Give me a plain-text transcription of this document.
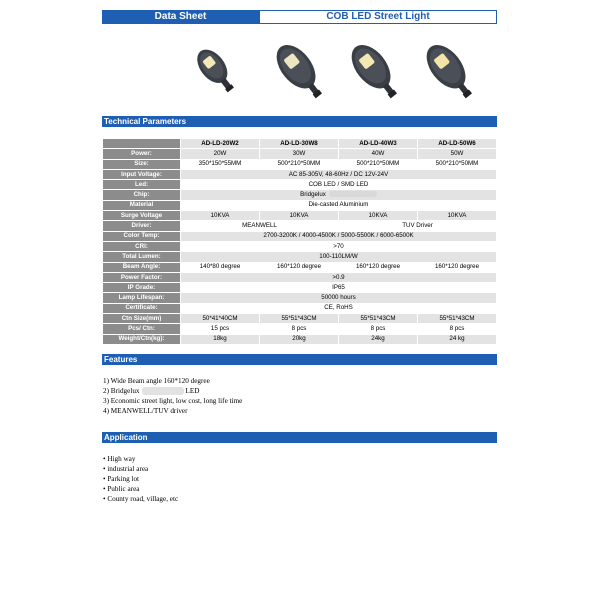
Data Sheet	COB LED Street Light
Technical Parameters
	AD-LD-20W2	AD-LD-30W8	AD-LD-40W3	AD-LD-50W6
Power:	20W	30W	40W	50W
Size:	350*150*55MM	500*210*50MM	500*210*50MM	500*210*50MM
Input Voltage:	AC 85-305V, 48-60Hz / DC 12V-24V			
Led:	COB LED / SMD LED			
Chip:	Bridgelux			
Material	Die-casted Aluminium			
Surge Voltage	10KVA	10KVA	10KVA	10KVA
Driver:	MEANWELL		TUV Driver	
Color Temp:	2700-3200K / 4000-4500K / 5000-5500K / 6000-6500K			
CRI:	>70			
Total Lumen:	100-110LM/W			
Beam Angle:	140*80 degree	160*120 degree	160*120 degree	160*120 degree
Power Factor:	>0.9			
IP Grade:	IP65			
Lamp Lifespan:	50000 hours			
Certificate:	CE, RoHS			
Ctn Size(mm)	50*41*40CM	55*51*43CM	55*51*43CM	55*51*43CM
Pcs/ Ctn:	15 pcs	8 pcs	8 pcs	8 pcs
Weight/Ctn(kg):	18kg	20kg	24kg	24 kg
Features
1) Wide Beam angle 160*120 degree
2) Bridgelux	LED
3) Economic street light, low cost, long life time
4) MEANWELL/TUV driver
Application
• High way
• industrial area
• Parking lot
• Public area
• County road, village, etc
